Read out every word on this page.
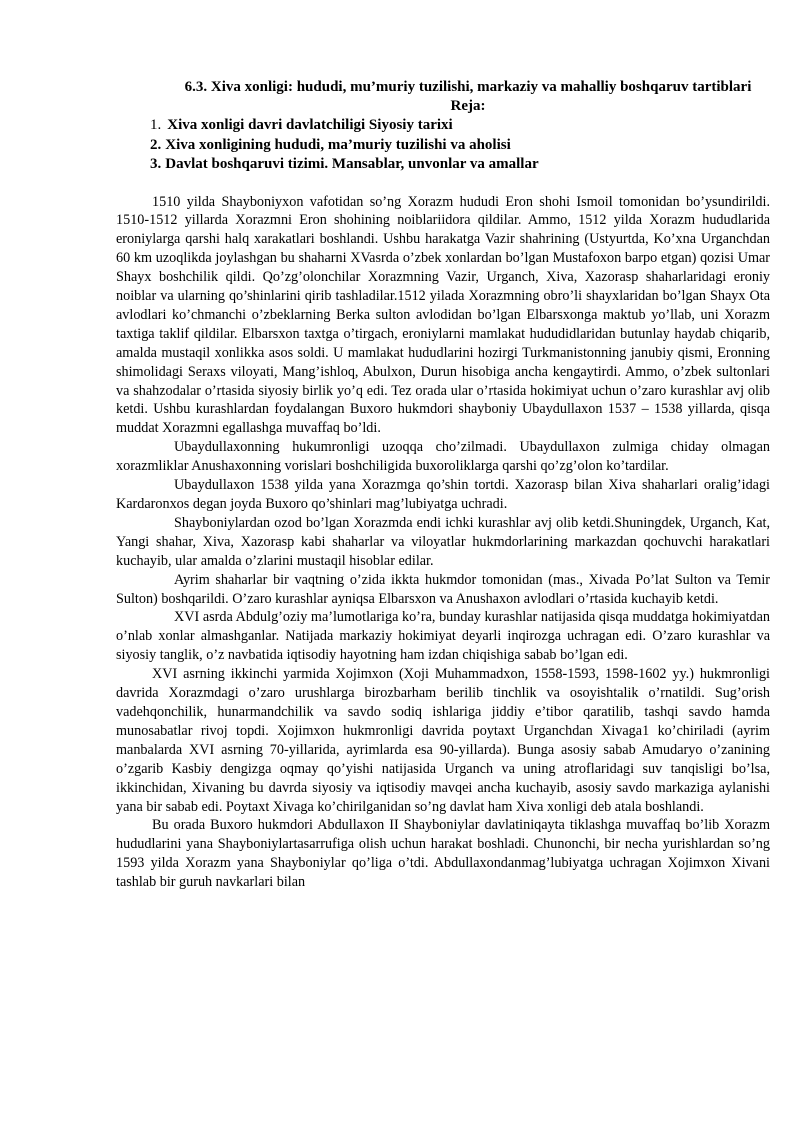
6.3. Xiva xonligi: hududi, mu’muriy tuzilishi, markaziy va mahalliy boshqaruv tartiblari
Reja:
1. Xiva xonligi davri davlatchiligi Siyosiy tarixi
2. Xiva xonligining hududi, ma’muriy tuzilishi va aholisi
3. Davlat boshqaruvi tizimi. Mansablar, unvonlar va amallar

1510 yilda Shayboniyxon vafotidan so’ng Xorazm hududi Eron shohi Ismoil tomonidan bo’ysundirildi. 1510-1512 yillarda Xorazmni Eron shohining noiblariidora qildilar. Ammo, 1512 yilda Xorazm hududlarida eroniylarga qarshi halq xarakatlari boshlandi. Ushbu harakatga Vazir shahrining (Ustyurtda, Ko’xna Urganchdan 60 km uzoqlikda joylashgan bu shaharni XVasrda o’zbek xonlardan bo’lgan Mustafoxon barpo etgan) qozisi Umar Shayx boshchilik qildi. Qo’zg’olonchilar Xorazmning Vazir, Urganch, Xiva, Xazorasp shaharlaridagi eroniy noiblar va ularning qo’shinlarini qirib tashladilar.1512 yilada Xorazmning obro’li shayxlaridan bo’lgan Shayx Ota avlodlari ko’chmanchi o’zbeklarning Berka sulton avlodidan bo’lgan Elbarsxonga maktub yo’llab, uni Xorazm taxtiga taklif qildilar. Elbarsxon taxtga o’tirgach, eroniylarni mamlakat hududidlaridan butunlay haydab chiqarib, amalda mustaqil xonlikka asos soldi. U mamlakat hududlarini hozirgi Turkmanistonning janubiy qismi, Eronning shimolidagi Seraxs viloyati, Mang’ishloq, Abulxon, Durun hisobiga ancha kengaytirdi. Ammo, o’zbek sultonlari va shahzodalar o’rtasida siyosiy birlik yo’q edi. Tez orada ular o’rtasida hokimiyat uchun o’zaro kurashlar avj olib ketdi. Ushbu kurashlardan foydalangan Buxoro hukmdori shayboniy Ubaydullaxon 1537 – 1538 yillarda, qisqa muddat Xorazmni egallashga muvaffaq bo’ldi.

Ubaydullaxonning hukumronligi uzoqqa cho’zilmadi. Ubaydullaxon zulmiga chiday olmagan xorazmliklar Anushaxonning vorislari boshchiligida buxoroliklarga qarshi qo’zg’olon ko’tardilar.

Ubaydullaxon 1538 yilda yana Xorazmga qo’shin tortdi. Xazorasp bilan Xiva shaharlari oralig’idagi Kardaronxos degan joyda Buxoro qo’shinlari mag’lubiyatga uchradi.

Shayboniylardan ozod bo’lgan Xorazmda endi ichki kurashlar avj olib ketdi.Shuningdek, Urganch, Kat, Yangi shahar, Xiva, Xazorasp kabi shaharlar va viloyatlar hukmdorlarining markazdan qochuvchi harakatlari kuchayib, ular amalda o’zlarini mustaqil hisoblar edilar.

Ayrim shaharlar bir vaqtning o’zida ikkta hukmdor tomonidan (mas., Xivada Po’lat Sulton va Temir Sulton) boshqarildi. O’zaro kurashlar ayniqsa Elbarsxon va Anushaxon avlodlari o’rtasida kuchayib ketdi.

XVI asrda Abdulg’oziy ma’lumotlariga ko’ra, bunday kurashlar natijasida qisqa muddatga hokimiyatdan o’nlab xonlar almashganlar. Natijada markaziy hokimiyat deyarli inqirozga uchragan edi. O’zaro kurashlar va siyosiy tanglik, o’z navbatida iqtisodiy hayotning ham izdan chiqishiga sabab bo’lgan edi.

XVI asrning ikkinchi yarmida Xojimxon (Xoji Muhammadxon, 1558-1593, 1598-1602 yy.) hukmronligi davrida Xorazmdagi o’zaro urushlarga birozbarham berilib tinchlik va osoyishtalik o’rnatildi. Sug’orish vadehqonchilik, hunarmandchilik va savdo sodiq ishlariga jiddiy e’tibor qaratilib, tashqi savdo hamda munosabatlar rivoj topdi. Xojimxon hukmronligi davrida poytaxt Urganchdan Xivaga1 ko’chiriladi (ayrim manbalarda XVI asrning 70-yillarida, ayrimlarda esa 90-yillarda). Bunga asosiy sabab Amudaryo o’zanining o’zgarib Kasbiy dengizga oqmay qo’yishi natijasida Urganch va uning atroflaridagi suv tanqisligi bo’lsa, ikkinchidan, Xivaning bu davrda siyosiy va iqtisodiy mavqei ancha kuchayib, asosiy savdo markaziga aylanishi yana bir sabab edi. Poytaxt Xivaga ko’chirilganidan so’ng davlat ham Xiva xonligi deb atala boshlandi.

Bu orada Buxoro hukmdori Abdullaxon II Shayboniylar davlatiniqayta tiklashga muvaffaq bo’lib Xorazm hududlarini yana Shayboniylartasarrufiga olish uchun harakat boshladi. Chunonchi, bir necha yurishlardan so’ng 1593 yilda Xorazm yana Shayboniylar qo’liga o’tdi. Abdullaxondanmag’lubiyatga uchragan Xojimxon Xivani tashlab bir guruh navkarlari bilan
